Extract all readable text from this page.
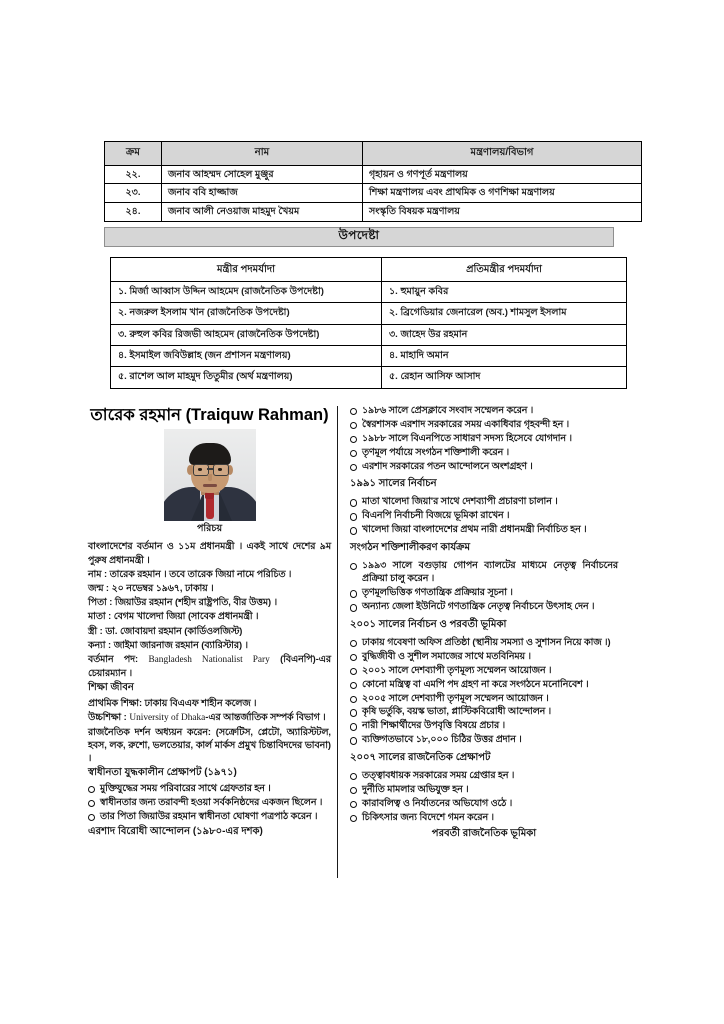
ক্রম	নাম	মন্ত্রণালয়/বিভাগ
২২.	জনাব আহম্মদ সোহেল মুঞ্জুর	গৃহায়ন ও গণপূর্ত মন্ত্রণালয়
২৩.	জনাব ববি হাজ্জাজ	শিক্ষা মন্ত্রণালয় এবং প্রাথমিক ও গণশিক্ষা মন্ত্রণালয়
২৪.	জনাব আলী নেওয়াজ মাহমুদ খৈয়ম	সংস্কৃতি বিষয়ক মন্ত্রণালয়
উপদেষ্টা
মন্ত্রীর পদমর্যাদা	প্রতিমন্ত্রীর পদমর্যাদা
১. মির্জা আব্বাস উদ্দিন আহমেদ (রাজনৈতিক উপদেষ্টা)	১. হুমায়ুন কবির
২. নজরুল ইসলাম খান (রাজনৈতিক উপদেষ্টা)	২. ব্রিগেডিয়ার জেনারেল (অব.) শামসুল ইসলাম
৩. রুহুল কবির রিজভী আহমেদ (রাজনৈতিক উপদেষ্টা)	৩. জাহেদ উর রহমান
৪. ইসমাইল জবিউল্লাহ (জন প্রশাসন মন্ত্রণালয়)	৪. মাহাদি অমান
৫. রাশেল আল মাহমুদ তিতুমীর (অর্থ মন্ত্রণালয়)	৫. রেহান আসিফ আসাদ
তারেক রহমান (Traiquw Rahman)
পরিচয়

বাংলাদেশের বর্তমান ও ১১ম প্রধানমন্ত্রী । একই সাথে দেশের ৯ম পুরুষ প্রধানমন্ত্রী ।

নাম : তারেক রহমান । তবে তারেক জিয়া নামে পরিচিত ।

জন্ম : ২০ নভেম্বর ১৯৬৭, ঢাকায় ।

পিতা : জিয়াউর রহমান (শহীদ রাষ্ট্রপতি, বীর উত্তম) ।

মাতা : বেগম খালেদা জিয়া (সাবেক প্রধানমন্ত্রী ।

স্ত্রী : ডা. জোবায়দা রহমান (কার্ডিওলজিস্ট)

কন্যা : জাইমা জারনাজ রহমান (ব্যারিস্টার) ।

বর্তমান পদ: Bangladesh Nationalist Pary (বিএনপি)-এর চেয়ারম্যান ।

শিক্ষা জীবন

প্রাথমিক শিক্ষা: ঢাকায় বিএএফ শাহীন কলেজ ।

উচ্চশিক্ষা : University of Dhaka-এর আন্তর্জাতিক সম্পর্ক বিভাগ ।

রাজনৈতিক দর্শন অধ্যয়ন করেন: (সক্রেটিস, প্লেটো, অ্যারিস্টটল, হবস, লক, রুশো, ভলতেয়ার, কার্ল মার্কস প্রমুখ চিন্তাবিদদের ভাবনা) ।

স্বাধীনতা যুদ্ধকালীন প্রেক্ষাপট (১৯৭১)

মুক্তিযুদ্ধের সময় পরিবারের সাথে গ্রেফতার হন ।
স্বাধীনতার জন্য তরাবন্দী হওয়া সর্বকনিষ্ঠদের একজন ছিলেন ।
তার পিতা জিয়াউর রহমান স্বাধীনতা ঘোষণা পত্রপাঠ করেন ।

এরশাদ বিরোধী আন্দোলন (১৯৮০-এর দশক)

১৯৮৬ সালে প্রেসক্লাবে সংবাদ সম্মেলন করেন ।
স্বৈরশাসক এরশাদ সরকারের সময় একাধিবার গৃহবন্দী হন ।
১৯৮৮ সালে বিএনপিতে সাধারণ সদস্য হিসেবে যোগদান ।
তৃণমূল পর্যায়ে সংগঠন শক্তিশালী করেন ।
এরশাদ সরকারের পতন আন্দোলনে অংশগ্রহণ ।
১৯৯১ সালের নির্বাচন
মাতা খালেদা জিয়া'র সাথে দেশব্যাপী প্রচারণা চালান ।
বিএনপি নির্বাচনী বিজয়ে ভূমিকা রাখেন ।
খালেদা জিয়া বাংলাদেশের প্রথম নারী প্রধানমন্ত্রী নির্বাচিত হন ।
সংগঠন শক্তিশালীকরণ কার্যক্রম
১৯৯৩ সালে বগুড়ায় গোপন ব্যালটের মাধ্যমে নেতৃত্ব নির্বাচনের প্রক্রিয়া চালু করেন ।
তৃণমূলভিত্তিক গণতান্ত্রিক প্রক্রিয়ার সূচনা ।
অন্যান্য জেলা ইউনিটে গণতান্ত্রিক নেতৃত্ব নির্বাচনে উৎসাহ দেন ।
২০০১ সালের নির্বাচন ও পরবর্তী ভূমিকা
ঢাকায় গবেষণা অফিস প্রতিষ্ঠা (স্থানীয় সমস্যা ও সুশাসন নিয়ে কাজ ।)
বুদ্ধিজীবী ও সুশীল সমাজের সাথে মতবিনিময় ।
২০০১ সালে দেশব্যাপী তৃণমূল্য সম্মেলন আয়োজন ।
কোনো মন্ত্রিত্ব বা এমপি পদ গ্রহণ না করে সংগঠনে মনোনিবেশ ।
২০০৫ সালে দেশব্যাপী তৃণমূল সম্মেলন আয়োজন ।
কৃষি ভর্তুকি, বয়স্ক ভাতা, প্লাস্টিকবিরোধী আন্দোলন ।
নারী শিক্ষার্থীদের উপবৃত্তি বিষয়ে প্রচার ।
ব্যক্তিগতভাবে ১৮,০০০ চিঠির উত্তর প্রদান ।
২০০৭ সালের রাজনৈতিক প্রেক্ষাপট
তত্ত্বাবধায়ক সরকারের সময় গ্রেপ্তার হন ।
দুর্নীতি মামলার অভিযুক্ত হন ।
কারাবলিত্ব ও নির্যাতনের অভিযোগ ওঠে ।
চিকিৎসার জন্য বিদেশে গমন করেন ।
পরবর্তী রাজনৈতিক ভূমিকা
